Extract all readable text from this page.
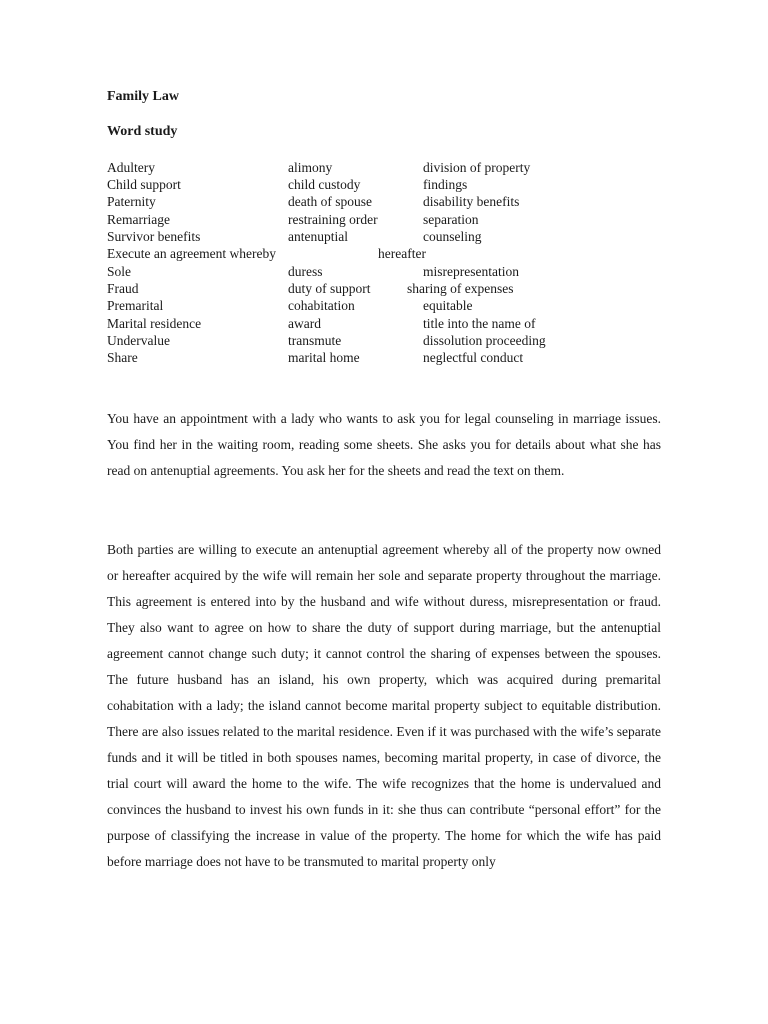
Family Law
Word study
Adultery	alimony	division of property
Child support	child custody	findings
Paternity	death of spouse	disability benefits
Remarriage	restraining order	separation
Survivor benefits	antenuptial	counseling
Execute an agreement whereby	hereafter
Sole	duress	misrepresentation
Fraud	duty of support	sharing of expenses
Premarital	cohabitation	equitable
Marital residence	award	title into the name of
Undervalue	transmute	dissolution proceeding
Share	marital home	neglectful conduct

You have an appointment with a lady who wants to ask you for legal counseling in marriage issues. You find her in the waiting room, reading some sheets. She asks you for details about what she has read on antenuptial agreements. You ask her for the sheets and read the text on them.

Both parties are willing to execute an antenuptial agreement whereby all of the property now owned or hereafter acquired by the wife will remain her sole and separate property throughout the marriage. This agreement is entered into by the husband and wife without duress, misrepresentation or fraud. They also want to agree on how to share the duty of support during marriage, but the antenuptial agreement cannot change such duty; it cannot control the sharing of expenses between the spouses. The future husband has an island, his own property, which was acquired during premarital cohabitation with a lady; the island cannot become marital property subject to equitable distribution. There are also issues related to the marital residence. Even if it was purchased with the wife’s separate funds and it will be titled in both spouses names, becoming marital property, in case of divorce, the trial court will award the home to the wife. The wife recognizes that the home is undervalued and convinces the husband to invest his own funds in it: she thus can contribute “personal effort” for the purpose of classifying the increase in value of the property. The home for which the wife has paid before marriage does not have to be transmuted to marital property only
